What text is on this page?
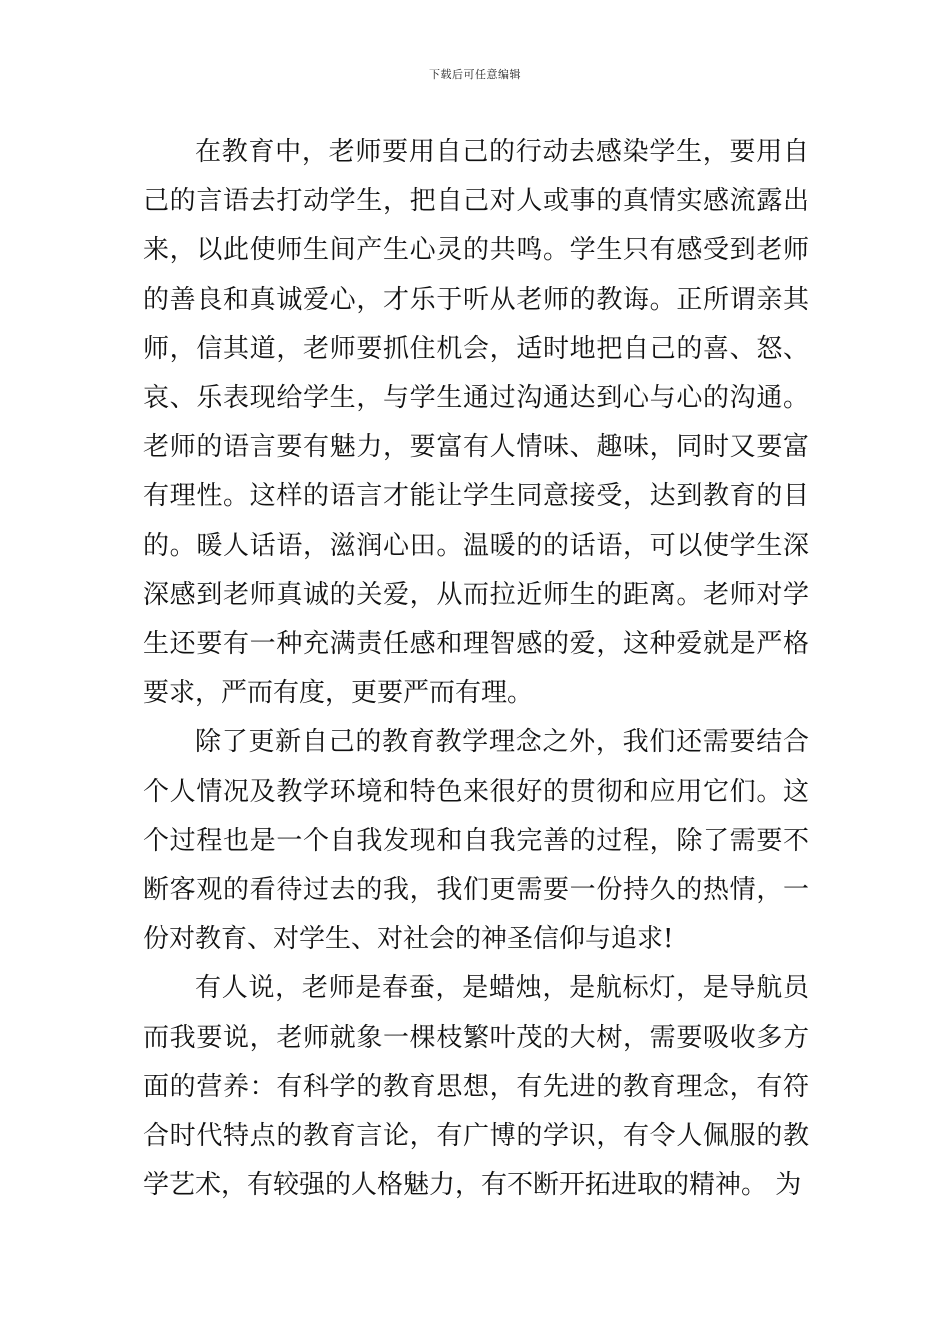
下载后可任意编辑

在教育中，老师要用自己的行动去感染学生，要用自己的言语去打动学生，把自己对人或事的真情实感流露出来，以此使师生间产生心灵的共鸣。学生只有感受到老师的善良和真诚爱心，才乐于听从老师的教诲。正所谓亲其师，信其道，老师要抓住机会，适时地把自己的喜、怒、哀、乐表现给学生，与学生通过沟通达到心与心的沟通。老师的语言要有魅力，要富有人情味、趣味，同时又要富有理性。这样的语言才能让学生同意接受，达到教育的目的。暖人话语，滋润心田。温暖的的话语，可以使学生深深感到老师真诚的关爱，从而拉近师生的距离。老师对学生还要有一种充满责任感和理智感的爱，这种爱就是严格要求，严而有度，更要严而有理。

除了更新自己的教育教学理念之外，我们还需要结合个人情况及教学环境和特色来很好的贯彻和应用它们。这个过程也是一个自我发现和自我完善的过程，除了需要不断客观的看待过去的我，我们更需要一份持久的热情，一份对教育、对学生、对社会的神圣信仰与追求!

有人说，老师是春蚕，是蜡烛，是航标灯，是导航员而我要说，老师就象一棵枝繁叶茂的大树，需要吸收多方面的营养：有科学的教育思想，有先进的教育理念，有符合时代特点的教育言论，有广博的学识，有令人佩服的教学艺术，有较强的人格魅力，有不断开拓进取的精神。 为
